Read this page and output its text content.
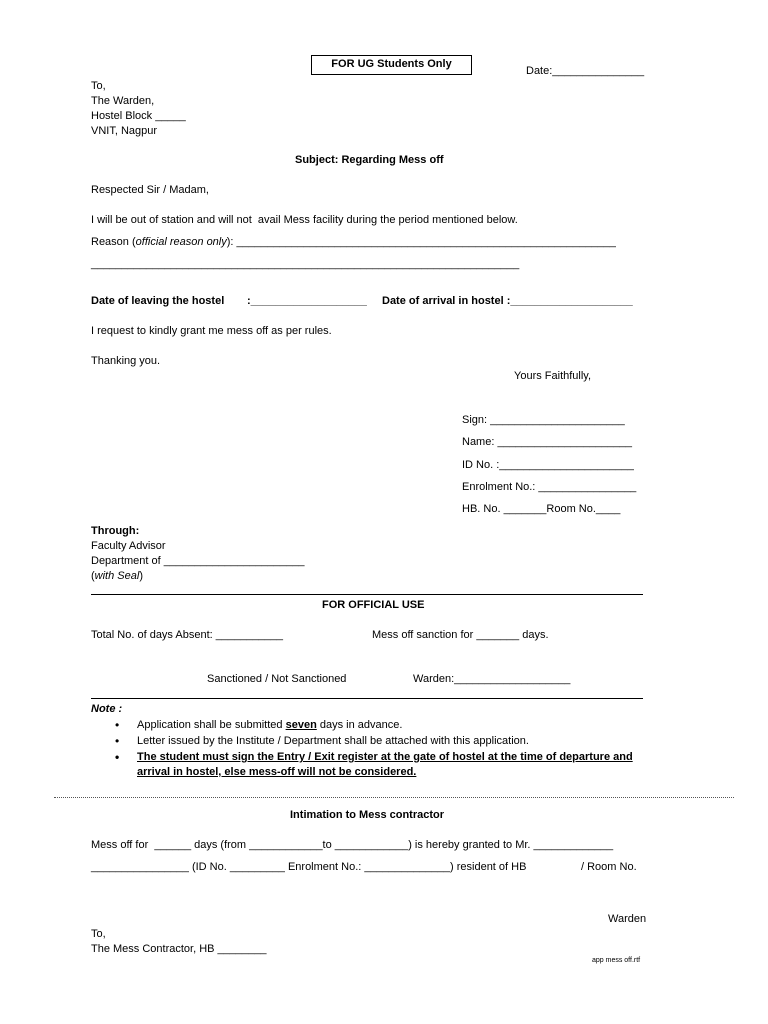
FOR UG Students Only
Date:_______________
To,
The Warden,
Hostel Block _____
VNIT, Nagpur
Subject: Regarding Mess off
Respected Sir / Madam,
I will be out of station and will not  avail Mess facility during the period mentioned below.
Reason (official reason only): ______________________________________________________________
______________________________________________________________________
Date of leaving the hostel :___________________ Date of arrival in hostel :____________________
I request to kindly grant me mess off as per rules.
Thanking you.
Yours Faithfully,
Sign: ______________________
Name: ______________________
ID No. :______________________
Enrolment No.: ________________
HB. No. _______Room No.____
Through:
Faculty Advisor
Department of _______________________
(with Seal)
FOR OFFICIAL USE
Total No. of days Absent: ___________	Mess off sanction for _______ days.
Sanctioned / Not Sanctioned	Warden:___________________
Note :
• Application shall be submitted seven days in advance.
• Letter issued by the Institute / Department shall be attached with this application.
• The student must sign the Entry / Exit register at the gate of hostel at the time of departure and arrival in hostel, else mess-off will not be considered.
Intimation to Mess contractor
Mess off for  ______ days (from ____________to ____________) is hereby granted to Mr. _____________
________________ (ID No. _________ Enrolment No.: ______________) resident of HB	/ Room No.
Warden
To,
The Mess Contractor, HB ________
app mess off.rtf
